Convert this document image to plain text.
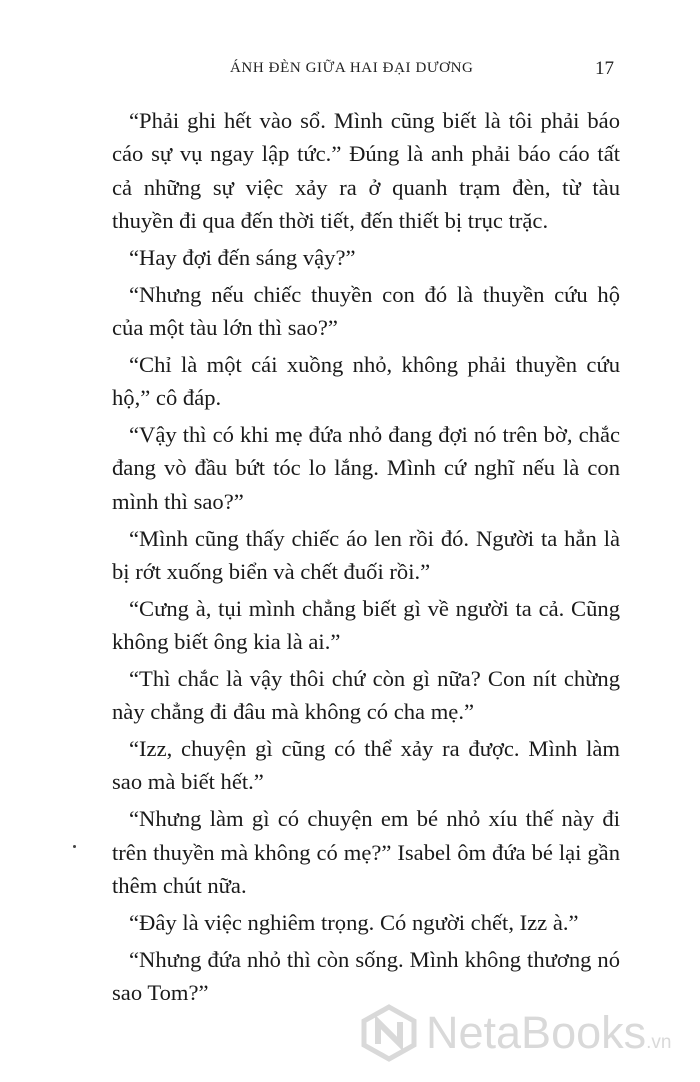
ÁNH ĐÈN GIỮA HAI ĐẠI DƯƠNG	17

“Phải ghi hết vào sổ. Mình cũng biết là tôi phải báo cáo sự vụ ngay lập tức.” Đúng là anh phải báo cáo tất cả những sự việc xảy ra ở quanh trạm đèn, từ tàu thuyền đi qua đến thời tiết, đến thiết bị trục trặc.

“Hay đợi đến sáng vậy?”

“Nhưng nếu chiếc thuyền con đó là thuyền cứu hộ của một tàu lớn thì sao?”

“Chỉ là một cái xuồng nhỏ, không phải thuyền cứu hộ,” cô đáp.

“Vậy thì có khi mẹ đứa nhỏ đang đợi nó trên bờ, chắc đang vò đầu bứt tóc lo lắng. Mình cứ nghĩ nếu là con mình thì sao?”

“Mình cũng thấy chiếc áo len rồi đó. Người ta hẳn là bị rớt xuống biển và chết đuối rồi.”

“Cưng à, tụi mình chẳng biết gì về người ta cả. Cũng không biết ông kia là ai.”

“Thì chắc là vậy thôi chứ còn gì nữa? Con nít chừng này chẳng đi đâu mà không có cha mẹ.”

“Izz, chuyện gì cũng có thể xảy ra được. Mình làm sao mà biết hết.”

“Nhưng làm gì có chuyện em bé nhỏ xíu thế này đi trên thuyền mà không có mẹ?” Isabel ôm đứa bé lại gần thêm chút nữa.

“Đây là việc nghiêm trọng. Có người chết, Izz à.”

“Nhưng đứa nhỏ thì còn sống. Mình không thương nó sao Tom?”

NetaBooks.vn
